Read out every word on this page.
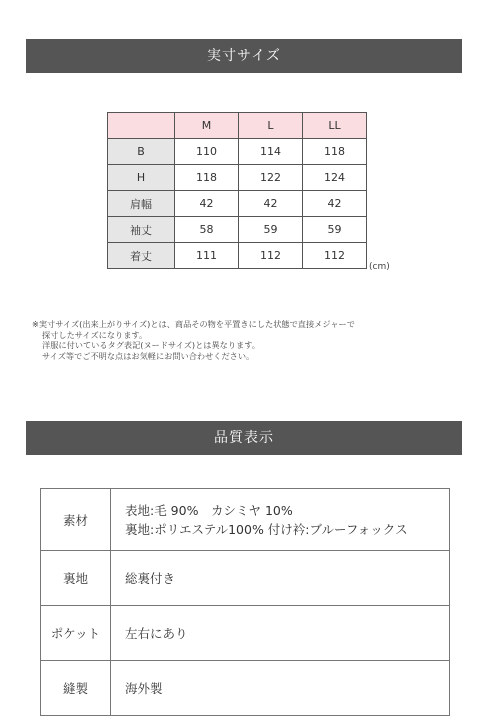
実寸サイズ
	M	L	LL
B	110	114	118
H	118	122	124
肩幅	42	42	42
袖丈	58	59	59
着丈	111	112	112
(cm)
※実寸サイズ(出来上がりサイズ)とは、商品その物を平置きにした状態で直接メジャーで
探寸したサイズになります。
洋服に付いているタグ表記(ヌードサイズ)とは異なります。
サイズ等でご不明な点はお気軽にお問い合わせください。
品質表示
素材	表地:毛 90%　カシミヤ 10%
裏地:ポリエステル100% 付け衿:ブルーフォックス

裏地	総裏付き

ポケット	左右にあり

縫製	海外製
